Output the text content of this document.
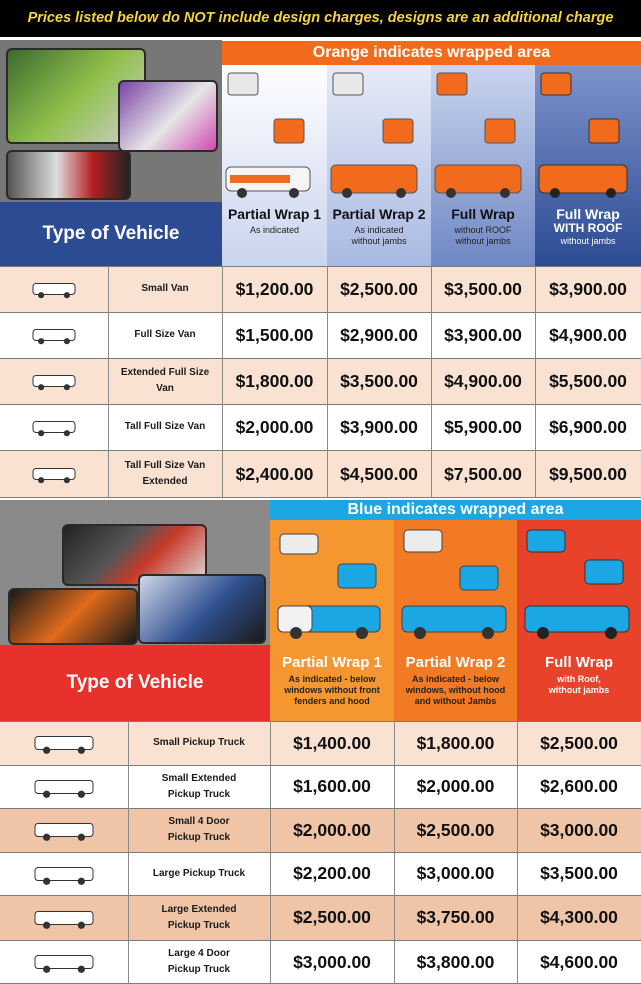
Prices listed below do NOT include design charges, designs are an additional charge
Type of Vehicle
Orange indicates wrapped area
Partial Wrap 1
As indicated
Partial Wrap 2
As indicated
without jambs
Full Wrap
without ROOF
without jambs
Full Wrap
WITH ROOF
without jambs
Small Van	$1,200.00	$2,500.00	$3,500.00	$3,900.00
Full Size Van	$1,500.00	$2,900.00	$3,900.00	$4,900.00
Extended Full Size Van	$1,800.00	$3,500.00	$4,900.00	$5,500.00
Tall Full Size Van	$2,000.00	$3,900.00	$5,900.00	$6,900.00
Tall Full Size Van Extended	$2,400.00	$4,500.00	$7,500.00	$9,500.00
Type of Vehicle
Blue indicates wrapped area
Partial Wrap 1
As indicated - below
windows without front
fenders and hood
Partial Wrap 2
As indicated - below
windows, without hood
and without Jambs
Full Wrap
with Roof,
without jambs
Small Pickup Truck	$1,400.00	$1,800.00	$2,500.00
Small Extended
Pickup Truck	$1,600.00	$2,000.00	$2,600.00
Small 4 Door
Pickup Truck	$2,000.00	$2,500.00	$3,000.00
Large Pickup Truck	$2,200.00	$3,000.00	$3,500.00
Large Extended
Pickup Truck	$2,500.00	$3,750.00	$4,300.00
Large 4 Door
Pickup Truck	$3,000.00	$3,800.00	$4,600.00
